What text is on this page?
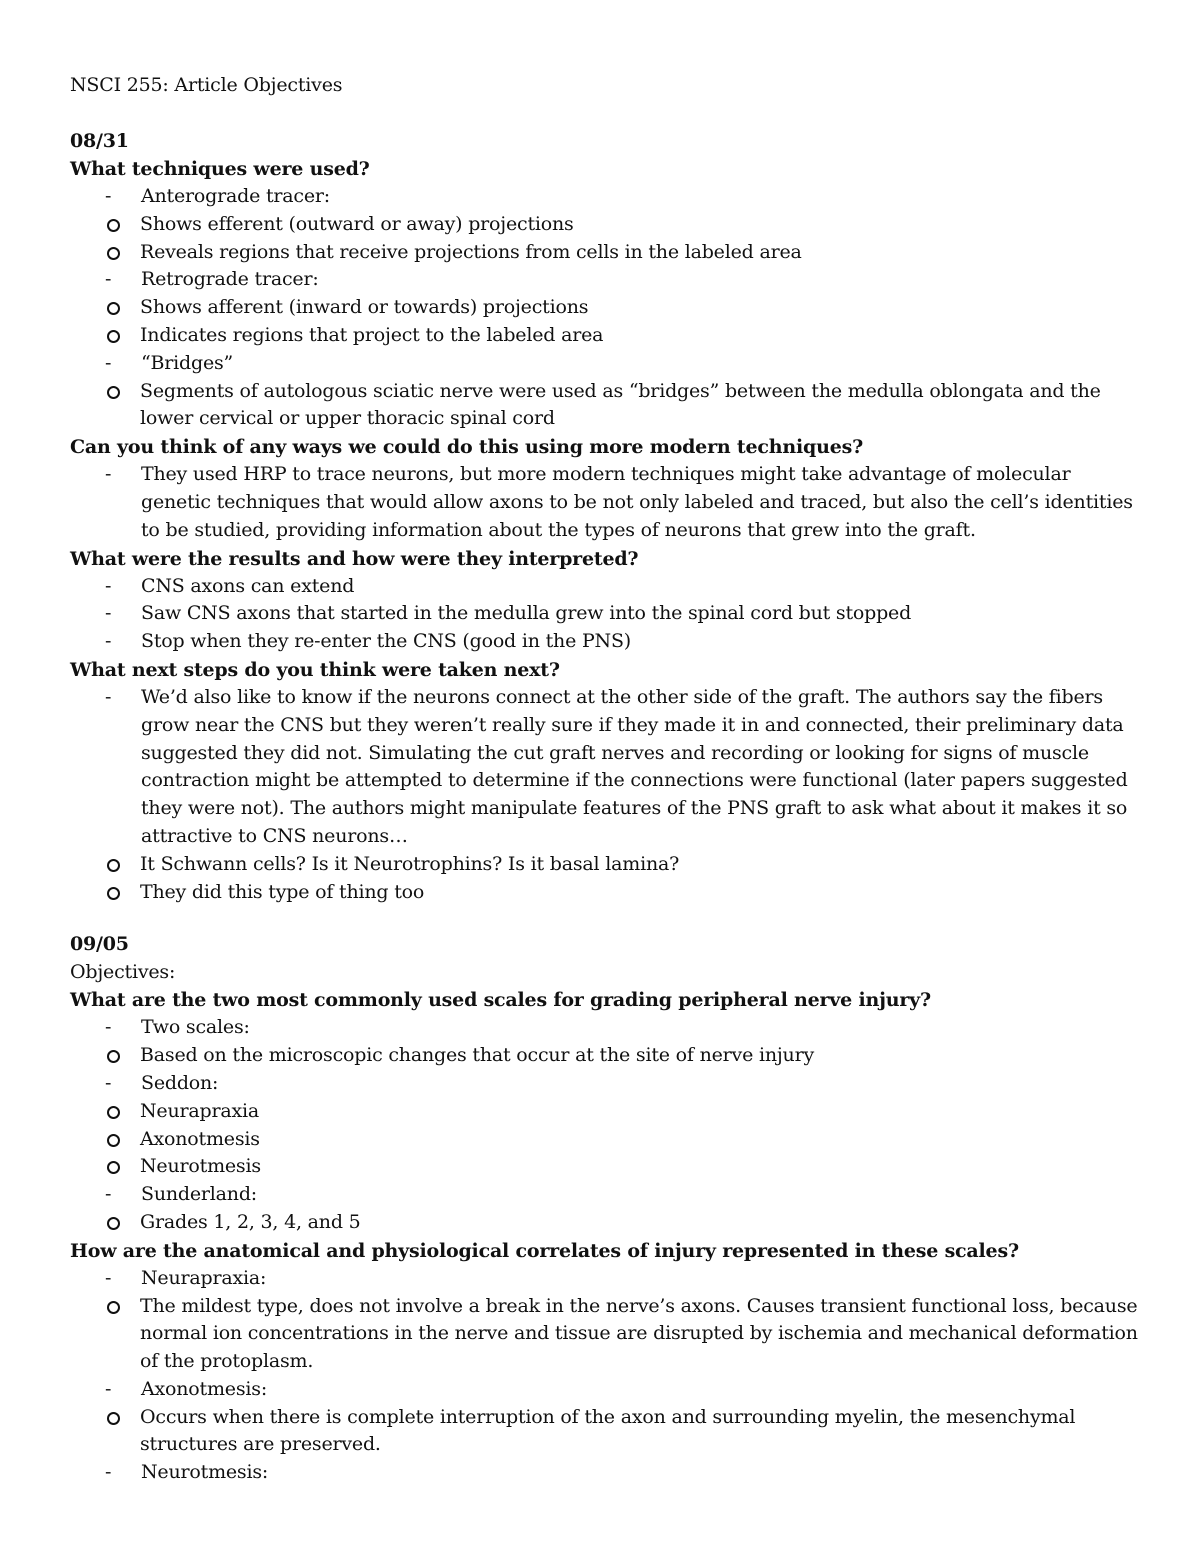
NSCI 255: Article Objectives

08/31

What techniques were used?

- Anterograde tracer:
Shows efferent (outward or away) projections
Reveals regions that receive projections from cells in the labeled area
- Retrograde tracer:
Shows afferent (inward or towards) projections
Indicates regions that project to the labeled area
- “Bridges”
Segments of autologous sciatic nerve were used as “bridges” between the medulla oblongata and the lower cervical or upper thoracic spinal cord

Can you think of any ways we could do this using more modern techniques?

- They used HRP to trace neurons, but more modern techniques might take advantage of molecular genetic techniques that would allow axons to be not only labeled and traced, but also the cell’s identities to be studied, providing information about the types of neurons that grew into the graft.

What were the results and how were they interpreted?

- CNS axons can extend
- Saw CNS axons that started in the medulla grew into the spinal cord but stopped
- Stop when they re-enter the CNS (good in the PNS)

What next steps do you think were taken next?

- We’d also like to know if the neurons connect at the other side of the graft. The authors say the fibers grow near the CNS but they weren’t really sure if they made it in and connected, their preliminary data suggested they did not. Simulating the cut graft nerves and recording or looking for signs of muscle contraction might be attempted to determine if the connections were functional (later papers suggested they were not). The authors might manipulate features of the PNS graft to ask what about it makes it so attractive to CNS neurons…
It Schwann cells? Is it Neurotrophins? Is it basal lamina?
They did this type of thing too

09/05

Objectives:

What are the two most commonly used scales for grading peripheral nerve injury?

- Two scales:
Based on the microscopic changes that occur at the site of nerve injury
- Seddon:
Neurapraxia
Axonotmesis
Neurotmesis
- Sunderland:
Grades 1, 2, 3, 4, and 5

How are the anatomical and physiological correlates of injury represented in these scales?

- Neurapraxia:
The mildest type, does not involve a break in the nerve’s axons. Causes transient functional loss, because normal ion concentrations in the nerve and tissue are disrupted by ischemia and mechanical deformation of the protoplasm.
- Axonotmesis:
Occurs when there is complete interruption of the axon and surrounding myelin, the mesenchymal structures are preserved.
- Neurotmesis:
